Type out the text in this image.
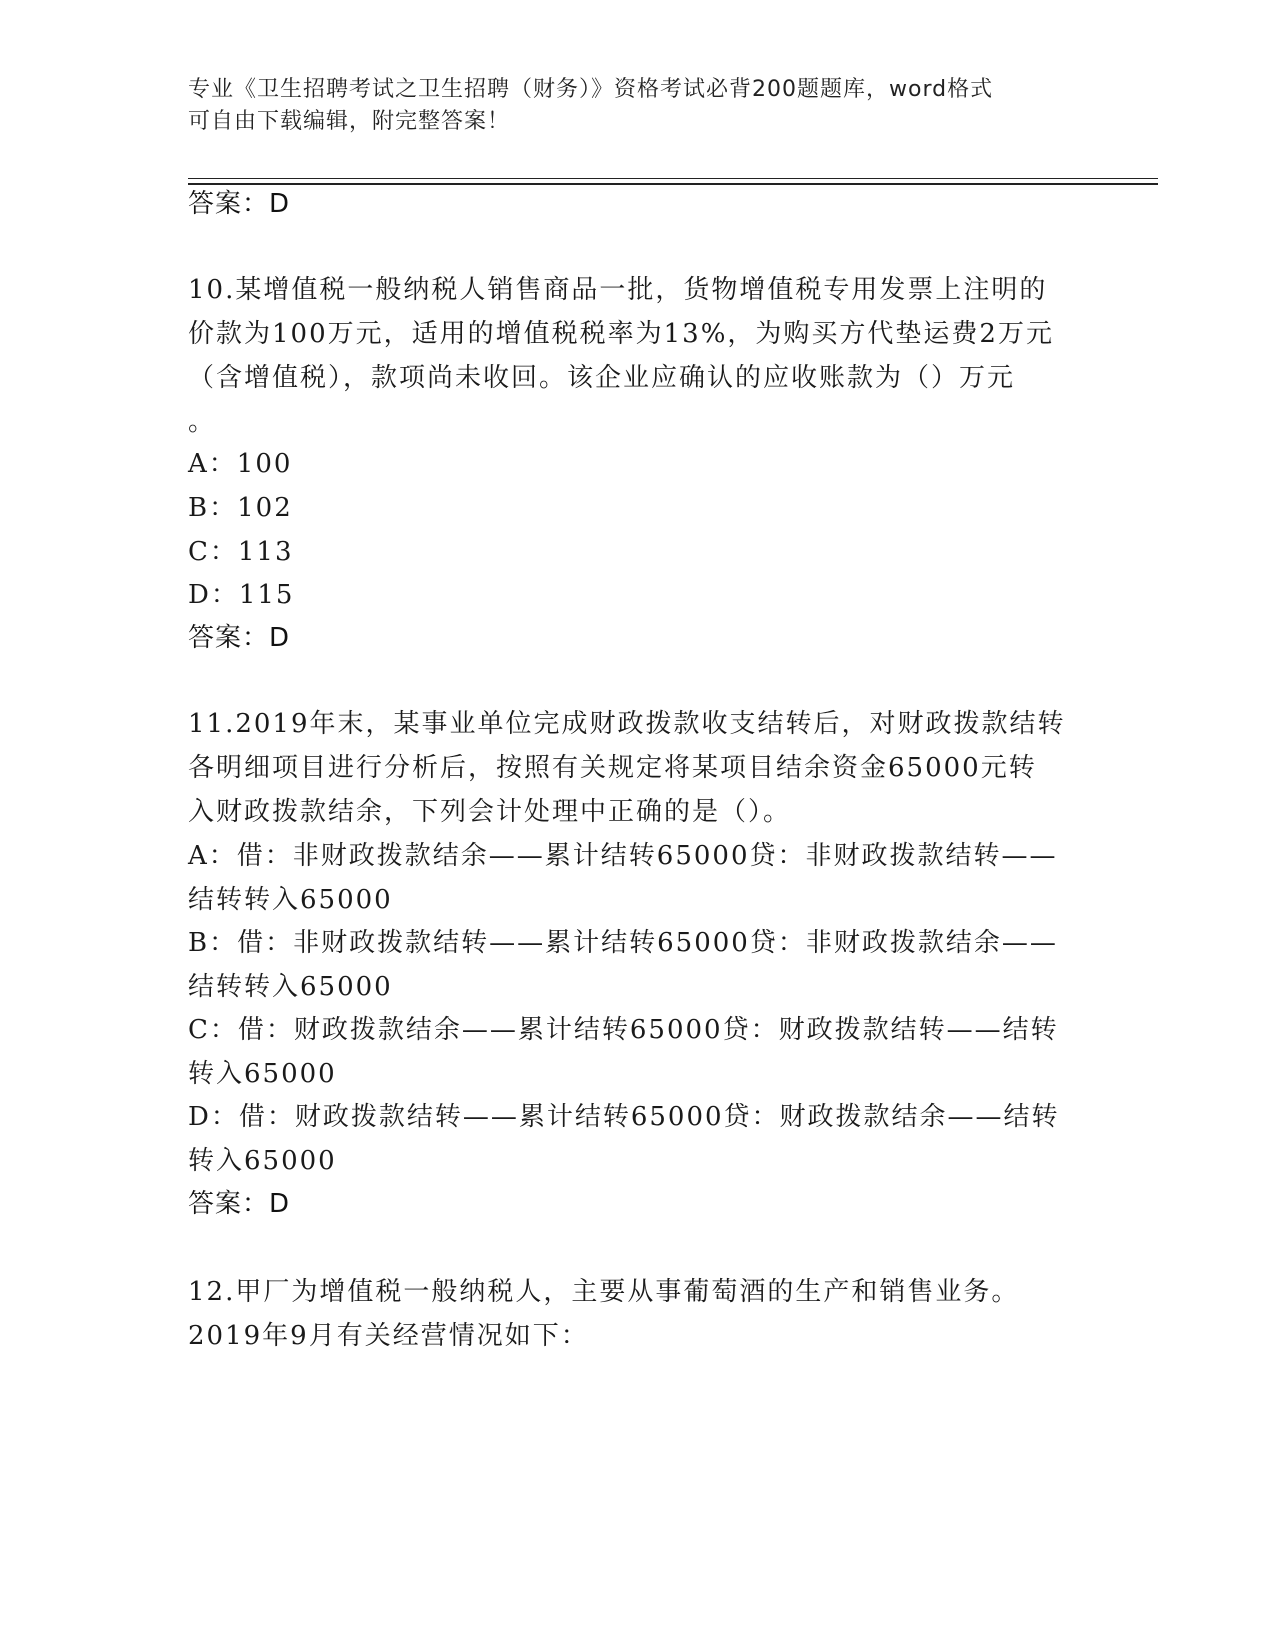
专业《卫生招聘考试之卫生招聘（财务）》资格考试必背200题题库，word格式
可自由下载编辑，附完整答案！
答案：D
10.某增值税一般纳税人销售商品一批，货物增值税专用发票上注明的
价款为100万元，适用的增值税税率为13%，为购买方代垫运费2万元
（含增值税），款项尚未收回。该企业应确认的应收账款为（）万元
。
A：100
B：102
C：113
D：115
答案：D
11.2019年末，某事业单位完成财政拨款收支结转后，对财政拨款结转
各明细项目进行分析后，按照有关规定将某项目结余资金65000元转
入财政拨款结余，下列会计处理中正确的是（）。
A：借：非财政拨款结余——累计结转65000贷：非财政拨款结转——
结转转入65000
B：借：非财政拨款结转——累计结转65000贷：非财政拨款结余——
结转转入65000
C：借：财政拨款结余——累计结转65000贷：财政拨款结转——结转
转入65000
D：借：财政拨款结转——累计结转65000贷：财政拨款结余——结转
转入65000
答案：D
12.甲厂为增值税一般纳税人，主要从事葡萄酒的生产和销售业务。
2019年9月有关经营情况如下：
